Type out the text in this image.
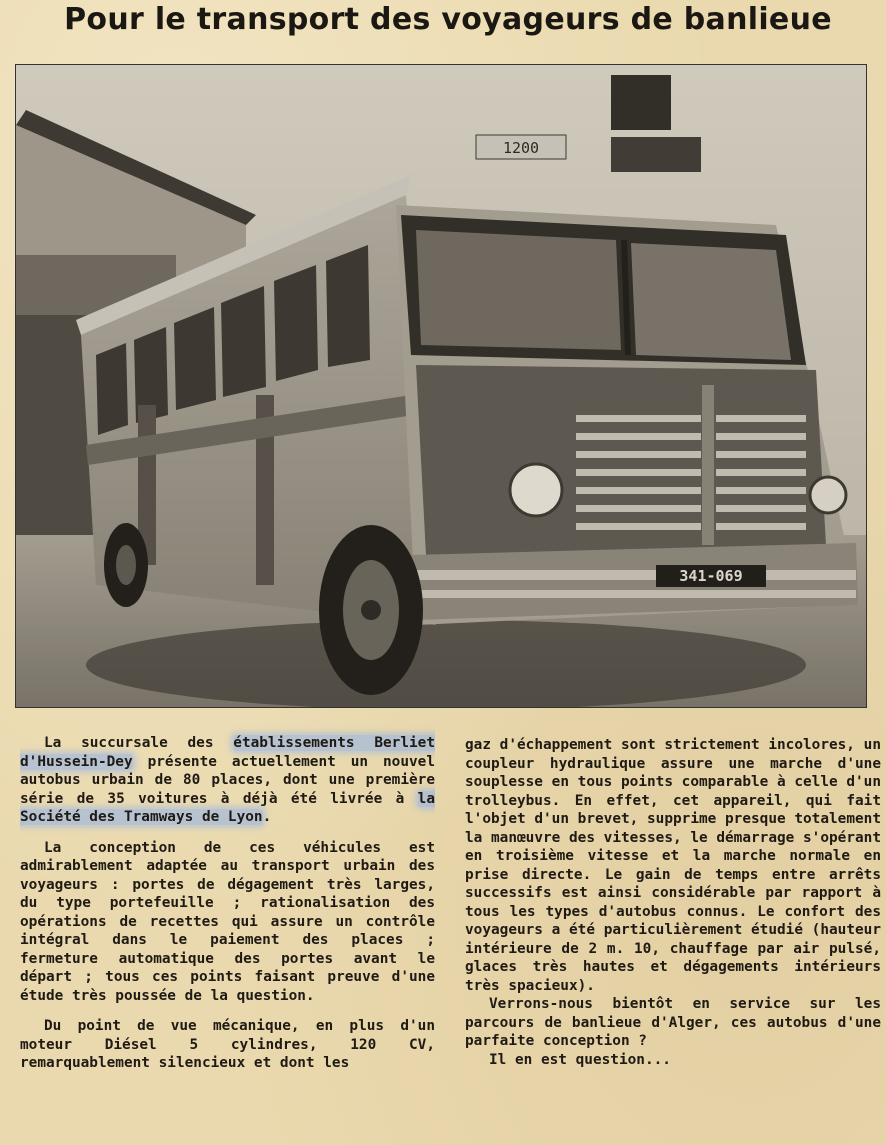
Pour le transport des voyageurs de banlieue
1200
341-069

La succursale des établissements Berliet d'Hussein-Dey présente actuellement un nouvel autobus urbain de 80 places, dont une première série de 35 voitures à déjà été livrée à la Société des Tramways de Lyon.

La conception de ces véhicules est admirablement adaptée au transport urbain des voyageurs : portes de dégagement très larges, du type portefeuille ; rationalisation des opérations de recettes qui assure un contrôle intégral dans le paiement des places ; fermeture automatique des portes avant le départ ; tous ces points faisant preuve d'une étude très poussée de la question.

Du point de vue mécanique, en plus d'un moteur Diésel 5 cylindres, 120 CV, remarquablement silencieux et dont les

gaz d'échappement sont strictement incolores, un coupleur hydraulique assure une marche d'une souplesse en tous points comparable à celle d'un trolleybus. En effet, cet appareil, qui fait l'objet d'un brevet, supprime presque totalement la manœuvre des vitesses, le démarrage s'opérant en troisième vitesse et la marche normale en prise directe. Le gain de temps entre arrêts successifs est ainsi considérable par rapport à tous les types d'autobus connus. Le confort des voyageurs a été particulièrement étudié (hauteur intérieure de 2 m. 10, chauffage par air pulsé, glaces très hautes et dégagements intérieurs très spacieux).

Verrons-nous bientôt en service sur les parcours de banlieue d'Alger, ces autobus d'une parfaite conception ?

Il en est question...
